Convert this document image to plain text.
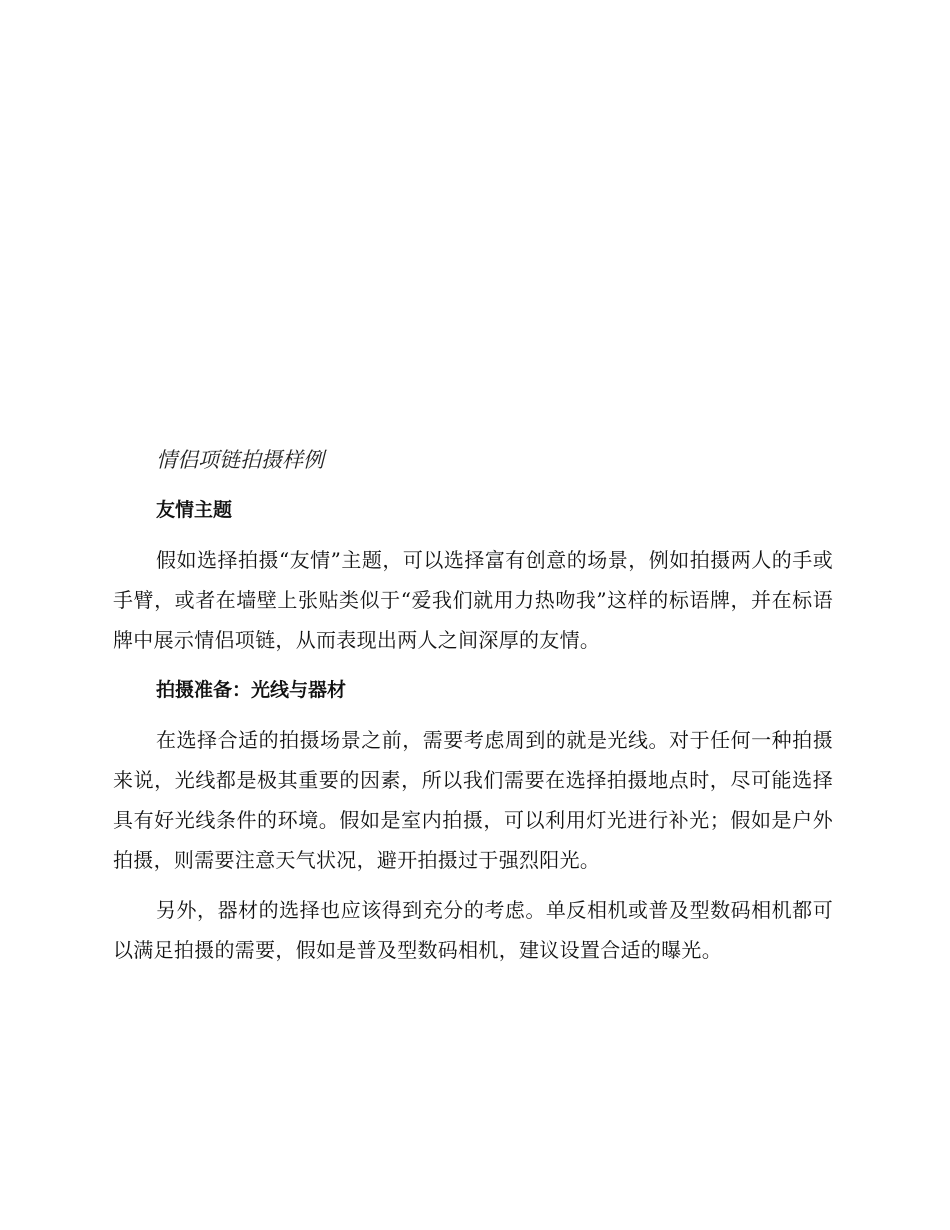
情侣项链拍摄样例

友情主题

假如选择拍摄“友情”主题，可以选择富有创意的场景，例如拍摄两人的手或手臂，或者在墙壁上张贴类似于“爱我们就用力热吻我”这样的标语牌，并在标语牌中展示情侣项链，从而表现出两人之间深厚的友情。

拍摄准备：光线与器材

在选择合适的拍摄场景之前，需要考虑周到的就是光线。对于任何一种拍摄来说，光线都是极其重要的因素，所以我们需要在选择拍摄地点时，尽可能选择具有好光线条件的环境。假如是室内拍摄，可以利用灯光进行补光；假如是户外拍摄，则需要注意天气状况，避开拍摄过于强烈阳光。

另外，器材的选择也应该得到充分的考虑。单反相机或普及型数码相机都可以满足拍摄的需要，假如是普及型数码相机，建议设置合适的曝光。
